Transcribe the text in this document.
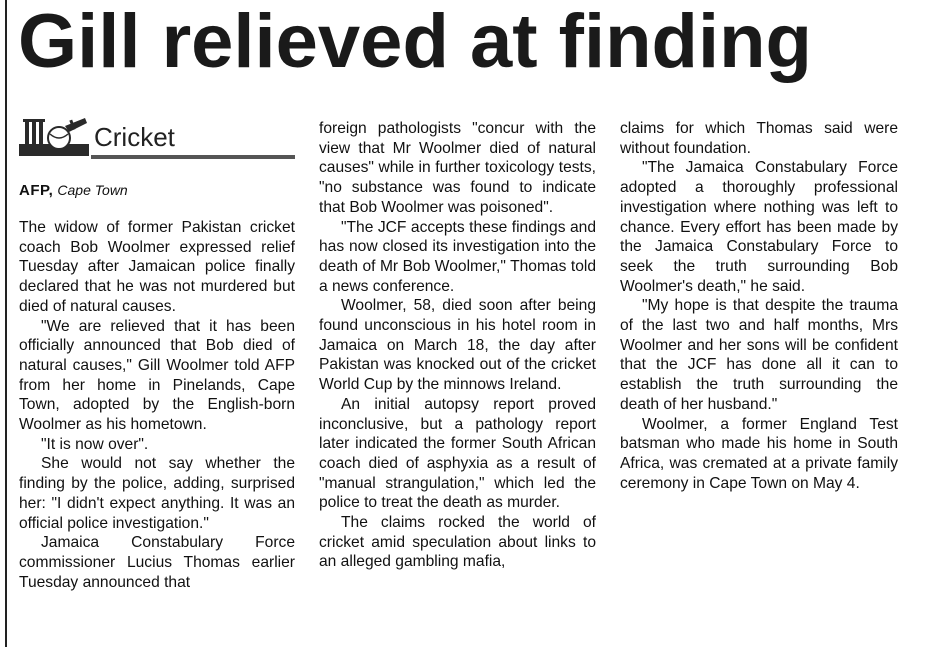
Gill relieved at finding
Cricket
AFP, Cape Town

The widow of former Pakistan cricket coach Bob Woolmer expressed relief Tuesday after Jamaican police finally declared that he was not murdered but died of natural causes.

"We are relieved that it has been officially announced that Bob died of natural causes," Gill Woolmer told AFP from her home in Pinelands, Cape Town, adopted by the English-born Woolmer as his hometown.

"It is now over".

She would not say whether the finding by the police, adding, surprised her: "I didn't expect anything. It was an official police investigation."

Jamaica Constabulary Force commissioner Lucius Thomas earlier Tuesday announced that

foreign pathologists "concur with the view that Mr Woolmer died of natural causes" while in further toxicology tests, "no substance was found to indicate that Bob Woolmer was poisoned".

"The JCF accepts these findings and has now closed its investigation into the death of Mr Bob Woolmer," Thomas told a news conference.

Woolmer, 58, died soon after being found unconscious in his hotel room in Jamaica on March 18, the day after Pakistan was knocked out of the cricket World Cup by the minnows Ireland.

An initial autopsy report proved inconclusive, but a pathology report later indicated the former South African coach died of asphyxia as a result of "manual strangulation," which led the police to treat the death as murder.

The claims rocked the world of cricket amid speculation about links to an alleged gambling mafia,

claims for which Thomas said were without foundation.

"The Jamaica Constabulary Force adopted a thoroughly professional investigation where nothing was left to chance. Every effort has been made by the Jamaica Constabulary Force to seek the truth surrounding Bob Woolmer's death," he said.

"My hope is that despite the trauma of the last two and half months, Mrs Woolmer and her sons will be confident that the JCF has done all it can to establish the truth surrounding the death of her husband."

Woolmer, a former England Test batsman who made his home in South Africa, was cremated at a private family ceremony in Cape Town on May 4.
